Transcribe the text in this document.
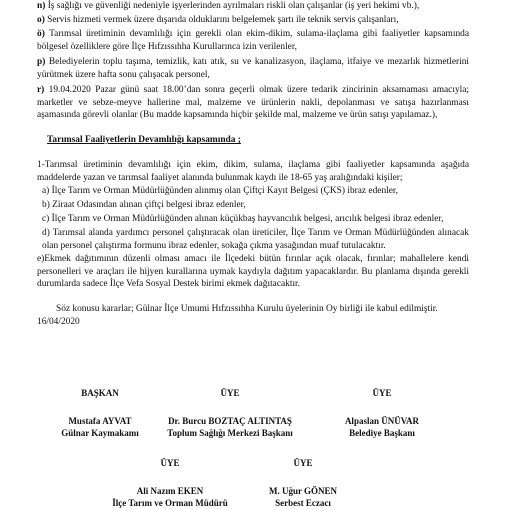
n) İş sağlığı ve güvenliği nedeniyle işyerlerinden ayrılmaları riskli olan çalışanlar (iş yeri hekimi vb.),

o) Servis hizmeti vermek üzere dışarıda olduklarını belgelemek şartı ile teknik servis çalışanları,

ö) Tarımsal üretiminin devamlılığı için gerekli olan ekim-dikim, sulama-ilaçlama gibi faaliyetler kapsamında bölgesel özelliklere göre İlçe Hıfzıssıhha Kurullarınca izin verilenler,

p) Belediyelerin toplu taşıma, temizlik, katı atık, su ve kanalizasyon, ilaçlama, itfaiye ve mezarlık hizmetlerini yürütmek üzere hafta sonu çalışacak personel,

r) 19.04.2020 Pazar günü saat 18.00’dan sonra geçerli olmak üzere tedarik zincirinin aksamaması amacıyla; marketler ve sebze-meyve hallerine mal, malzeme ve ürünlerin nakli, depolanması ve satışa hazırlanması aşamasında görevli olanlar (Bu madde kapsamında hiçbir şekilde mal, malzeme ve ürün satışı yapılamaz.),

Tarımsal Faaliyetlerin Devamlılığı kapsamında ;

1-Tarımsal üretiminin devamlılığı için ekim, dikim, sulama, ilaçlama gibi faaliyetler kapsamında aşağıda maddelerde yazan ve tarımsal faaliyet alanında bulunmak kaydı ile 18-65 yaş aralığındaki kişiler;

a) İlçe Tarım ve Orman Müdürlüğünden alınmış olan Çiftçi Kayıt Belgesi (ÇKS) ibraz edenler,

b) Ziraat Odasından alınan çiftçi belgesi ibraz edenler,

c) İlçe Tarım ve Orman Müdürlüğünden alınan küçükbaş hayvancılık belgesi, arıcılık belgesi ibraz edenler,

d) Tarımsal alanda yardımcı personel çalıştıracak olan üreticiler, İlçe Tarım ve Orman Müdürlüğünden alınacak olan personel çalıştırma formunu ibraz edenler, sokağa çıkma yasağından muaf tutulacaktır.

e)Ekmek dağıtımının düzenli olması amacı ile İlçedeki bütün fırınlar açık olacak, fırınlar; mahallelere kendi personelleri ve araçları ile hijyen kurallarına uymak kaydıyla dağıtım yapacaklardır. Bu planlama dışında gerekli durumlarda sadece İlçe Vefa Sosyal Destek birimi ekmek dağıtacaktır.

Söz konusu kararlar; Gülnar İlçe Umumi Hıfzıssıhha Kurulu üyelerinin Oy birliği ile kabul edilmiştir.

16/04/2020

BAŞKAN
Mustafa AYVAT
Gülnar Kaymakamı
ÜYE
Dr. Burcu BOZTAÇ ALTINTAŞ
Toplum Sağlığı Merkezi Başkanı
ÜYE
Alpaslan ÜNÜVAR
Belediye Başkanı
ÜYE
Ali Nazım EKEN
İlçe Tarım ve Orman Müdürü
ÜYE
M. Uğur GÖNEN
Serbest Eczacı
